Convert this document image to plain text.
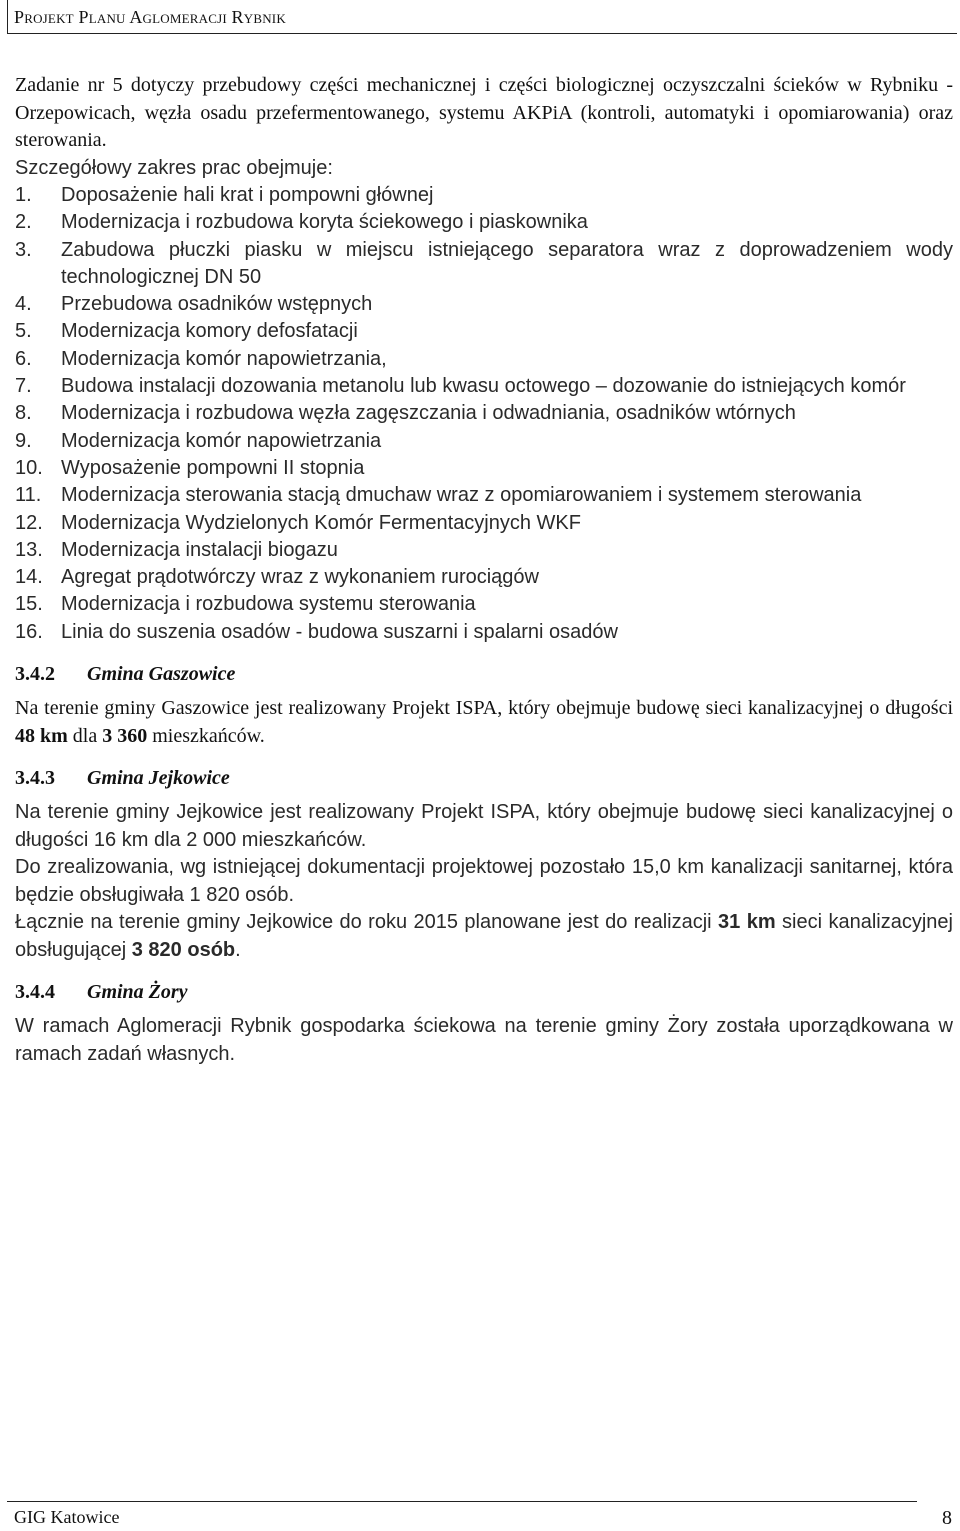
Projekt Planu Aglomeracji Rybnik

Zadanie nr 5 dotyczy przebudowy części mechanicznej i części biologicznej oczyszczalni ścieków w Rybniku - Orzepowicach, węzła osadu przefermentowanego, systemu AKPiA (kontroli, automatyki i opomiarowania) oraz sterowania.

Szczegółowy zakres prac obejmuje:

1. Doposażenie hali krat i pompowni głównej
2. Modernizacja i rozbudowa koryta ściekowego i piaskownika
3. Zabudowa płuczki piasku w miejscu istniejącego separatora wraz z doprowadzeniem wody technologicznej DN 50
4. Przebudowa osadników wstępnych
5. Modernizacja komory defosfatacji
6. Modernizacja komór napowietrzania,
7. Budowa instalacji dozowania metanolu lub kwasu octowego – dozowanie do istniejących komór
8. Modernizacja i rozbudowa węzła zagęszczania i odwadniania, osadników wtórnych
9. Modernizacja komór napowietrzania
10. Wyposażenie pompowni II stopnia
11. Modernizacja sterowania stacją dmuchaw wraz z opomiarowaniem i systemem sterowania
12. Modernizacja Wydzielonych Komór Fermentacyjnych WKF
13. Modernizacja instalacji biogazu
14. Agregat prądotwórczy wraz z wykonaniem rurociągów
15. Modernizacja i rozbudowa systemu sterowania
16. Linia do suszenia osadów - budowa suszarni i spalarni osadów
3.4.2 Gmina Gaszowice

Na terenie gminy Gaszowice jest realizowany Projekt ISPA, który obejmuje budowę sieci kanalizacyjnej o długości 48 km dla 3 360 mieszkańców.

3.4.3 Gmina Jejkowice

Na terenie gminy Jejkowice jest realizowany Projekt ISPA, który obejmuje budowę sieci kanalizacyjnej o długości 16 km dla 2 000 mieszkańców.

Do zrealizowania, wg istniejącej dokumentacji projektowej pozostało 15,0 km kanalizacji sanitarnej, która będzie obsługiwała 1 820 osób.

Łącznie na terenie gminy Jejkowice do roku 2015 planowane jest do realizacji 31 km sieci kanalizacyjnej obsługującej 3 820 osób.

3.4.4 Gmina Żory

W ramach Aglomeracji Rybnik gospodarka ściekowa na terenie gminy Żory została uporządkowana w ramach zadań własnych.

GIG Katowice	8
